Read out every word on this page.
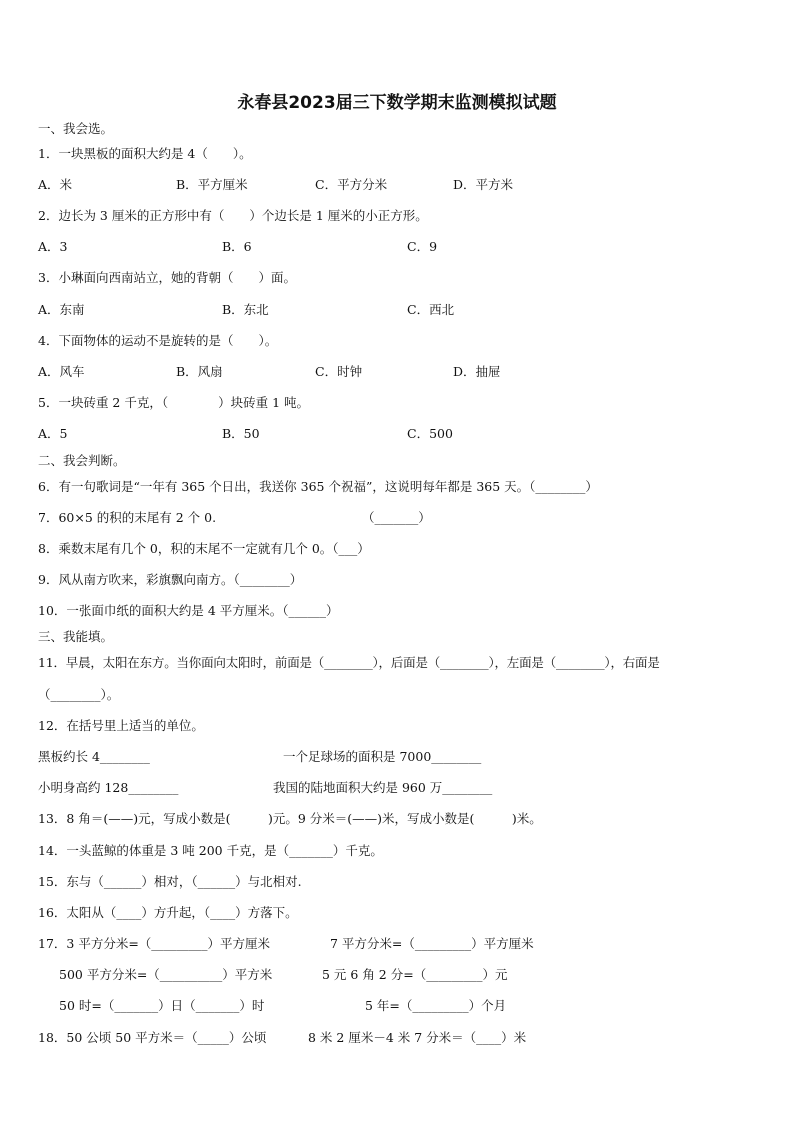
永春县2023届三下数学期末监测模拟试题
一、我会选。
1．一块黑板的面积大约是 4（　　）。
A．米	B．平方厘米	C．平方分米	D．平方米
2．边长为 3 厘米的正方形中有（　　）个边长是 1 厘米的小正方形。
A．3	B．6	C．9
3．小琳面向西南站立，她的背朝（　　）面。
A．东南	B．东北	C．西北
4．下面物体的运动不是旋转的是（　　）。
A．风车	B．风扇	C．时钟	D．抽屉
5．一块砖重 2 千克，（　　　　）块砖重 1 吨。
A．5	B．50	C．500
二、我会判断。
6．有一句歌词是“一年有 365 个日出，我送你 365 个祝福”，这说明每年都是 365 天。（________）
7．60×5 的积的末尾有 2 个 0.	（_______）
8．乘数末尾有几个 0，积的末尾不一定就有几个 0。（___）
9．风从南方吹来，彩旗飘向南方。（________）
10．一张面巾纸的面积大约是 4 平方厘米。（______）
三、我能填。
11．早晨，太阳在东方。当你面向太阳时，前面是（________），后面是（________），左面是（________），右面是
（________）。
12．在括号里上适当的单位。
黑板约长 4________	一个足球场的面积是 7000________
小明身高约 128________	我国的陆地面积大约是 960 万________
13．8 角＝(——)元，写成小数是(　　　)元。9 分米＝(——)米，写成小数是(　　　)米。
14．一头蓝鲸的体重是 3 吨 200 千克，是（_______）千克。
15．东与（______）相对，（______）与北相对.
16．太阳从（____）方升起，（____）方落下。
17．3 平方分米=（_________）平方厘米	7 平方分米=（_________）平方厘米
500 平方分米=（__________）平方米	5 元 6 角 2 分=（_________）元
50 时=（_______）日（_______）时	5 年=（_________）个月
18．50 公顷 50 平方米＝（_____）公顷	8 米 2 厘米－4 米 7 分米＝（____）米
